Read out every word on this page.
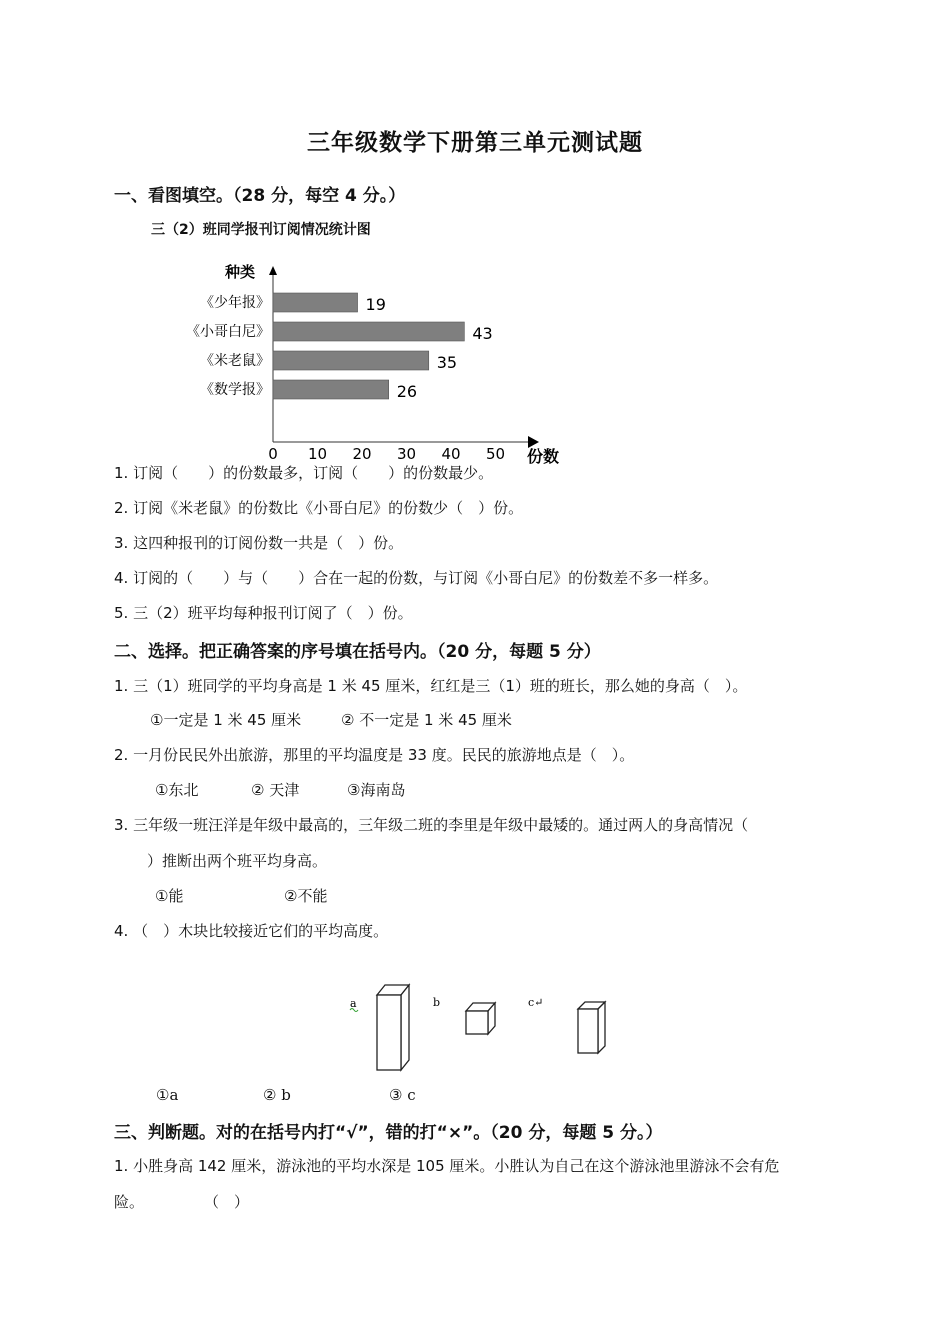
三年级数学下册第三单元测试题
一、看图填空。（28 分，每空 4 分。）
三（2）班同学报刊订阅情况统计图
种类
份数
0 10 20 30 40 50
《少年报》	19
《小哥白尼》	43
《米老鼠》	35
《数学报》	26
1. 订阅（　　）的份数最多，订阅（　　）的份数最少。
2. 订阅《米老鼠》的份数比《小哥白尼》的份数少（　）份。
3. 这四种报刊的订阅份数一共是（　）份。
4. 订阅的（　　）与（　　）合在一起的份数，与订阅《小哥白尼》的份数差不多一样多。
5. 三（2）班平均每种报刊订阅了（　）份。
二、选择。把正确答案的序号填在括号内。（20 分，每题 5 分）
1. 三（1）班同学的平均身高是 1 米 45 厘米，红红是三（1）班的班长，那么她的身高（　）。
①一定是 1 米 45 厘米	② 不一定是 1 米 45 厘米
2. 一月份民民外出旅游，那里的平均温度是 33 度。民民的旅游地点是（　）。
①东北	② 天津	③海南岛
3. 三年级一班汪洋是年级中最高的，三年级二班的李里是年级中最矮的。通过两人的身高情况（
）推断出两个班平均身高。
①能	②不能
4. （　）木块比较接近它们的平均高度。
a	b	c↵
①a	② b	③ c
三、判断题。对的在括号内打“√”，错的打“×”。（20 分，每题 5 分。）
1. 小胜身高 142 厘米，游泳池的平均水深是 105 厘米。小胜认为自己在这个游泳池里游泳不会有危
险。　　　　　（　）
